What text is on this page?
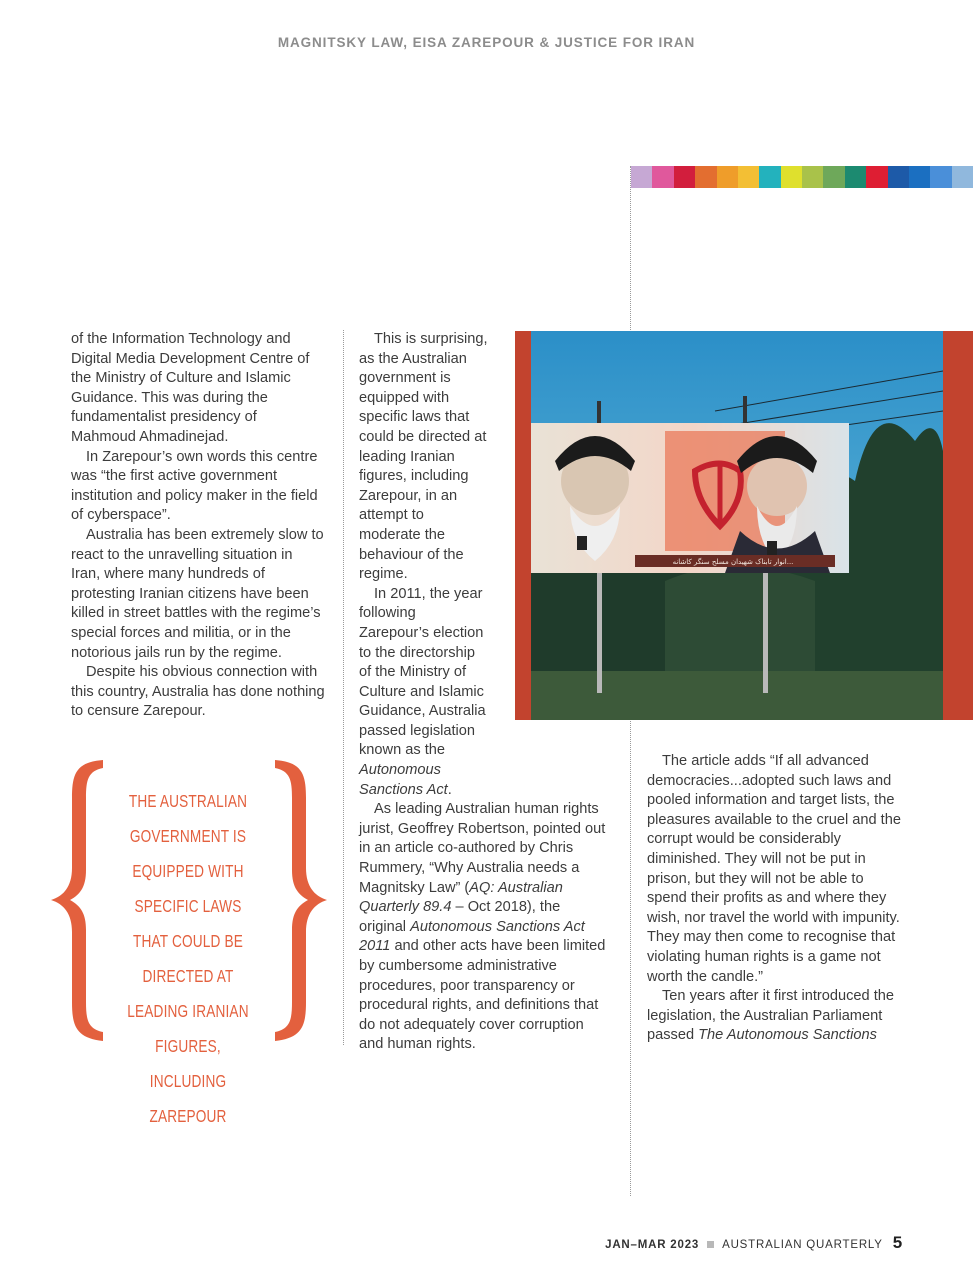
MAGNITSKY LAW, EISA ZAREPOUR & JUSTICE FOR IRAN

of the Information Technology and Digital Media Development Centre of the Ministry of Culture and Islamic Guidance. This was during the fundamentalist presidency of Mahmoud Ahmadinejad.

In Zarepour’s own words this centre was “the first active government institution and policy maker in the field of cyberspace”.

Australia has been extremely slow to react to the unravelling situation in Iran, where many hundreds of protesting Iranian citizens have been killed in street battles with the regime’s special forces and militia, or in the notorious jails run by the regime.

Despite his obvious connection with this country, Australia has done nothing to censure Zarepour.

THE AUSTRALIAN GOVERNMENT IS EQUIPPED WITH SPECIFIC LAWS THAT COULD BE DIRECTED AT LEADING IRANIAN FIGURES, INCLUDING ZAREPOUR

This is surprising, as the Australian government is equipped with specific laws that could be directed at leading Iranian figures, including Zarepour, in an attempt to moderate the behaviour of the regime.

In 2011, the year following Zarepour’s election to the directorship of the Ministry of Culture and Islamic Guidance, Australia passed legislation known as the Autonomous Sanctions Act.

As leading Australian human rights jurist, Geoffrey Robertson, pointed out in an article co-authored by Chris Rummery, “Why Australia needs a Magnitsky Law” (AQ: Australian Quarterly 89.4 – Oct 2018), the original Autonomous Sanctions Act 2011 and other acts have been limited by cumbersome administrative procedures, poor transparency or procedural rights, and definitions that do not adequately cover corruption and human rights.

انوار تابناک شهیدان مسلح سنگر کاشانه...

The article adds “If all advanced democracies...adopted such laws and pooled information and target lists, the pleasures available to the cruel and the corrupt would be considerably diminished. They will not be put in prison, but they will not be able to spend their profits as and where they wish, nor travel the world with impunity. They may then come to recognise that violating human rights is a game not worth the candle.”

Ten years after it first introduced the legislation, the Australian Parliament passed The Autonomous Sanctions

JAN–MAR 2023 AUSTRALIAN QUARTERLY 5
